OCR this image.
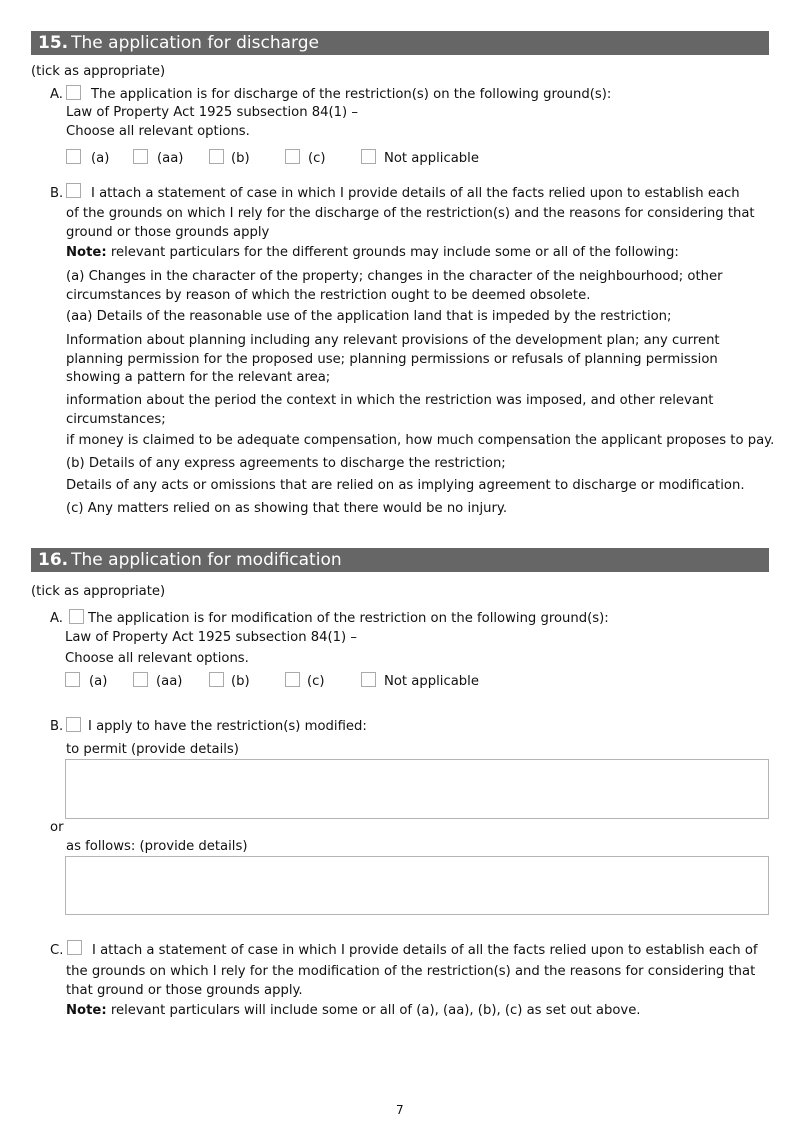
15. The application for discharge
(tick as appropriate)
A. The application is for discharge of the restriction(s) on the following ground(s):
Law of Property Act 1925 subsection 84(1) –
Choose all relevant options.
(a)	(aa)	(b)	(c)	Not applicable
B. I attach a statement of case in which I provide details of all the facts relied upon to establish each
of the grounds on which I rely for the discharge of the restriction(s) and the reasons for considering that ground or those grounds apply
Note: relevant particulars for the different grounds may include some or all of the following:
(a) Changes in the character of the property; changes in the character of the neighbourhood; other circumstances by reason of which the restriction ought to be deemed obsolete.
(aa) Details of the reasonable use of the application land that is impeded by the restriction;
Information about planning including any relevant provisions of the development plan; any current planning permission for the proposed use; planning permissions or refusals of planning permission showing a pattern for the relevant area;
information about the period the context in which the restriction was imposed, and other relevant circumstances;
if money is claimed to be adequate compensation, how much compensation the applicant proposes to pay.
(b) Details of any express agreements to discharge the restriction;
Details of any acts or omissions that are relied on as implying agreement to discharge or modification.
(c) Any matters relied on as showing that there would be no injury.
16. The application for modification
(tick as appropriate)
A. The application is for modification of the restriction on the following ground(s):
Law of Property Act 1925 subsection 84(1) –
Choose all relevant options.
(a)	(aa)	(b)	(c)	Not applicable
B. I apply to have the restriction(s) modified:
to permit (provide details)
or
as follows: (provide details)
C. I attach a statement of case in which I provide details of all the facts relied upon to establish each of
the grounds on which I rely for the modification of the restriction(s) and the reasons for considering that that ground or those grounds apply.
Note: relevant particulars will include some or all of (a), (aa), (b), (c) as set out above.
7
